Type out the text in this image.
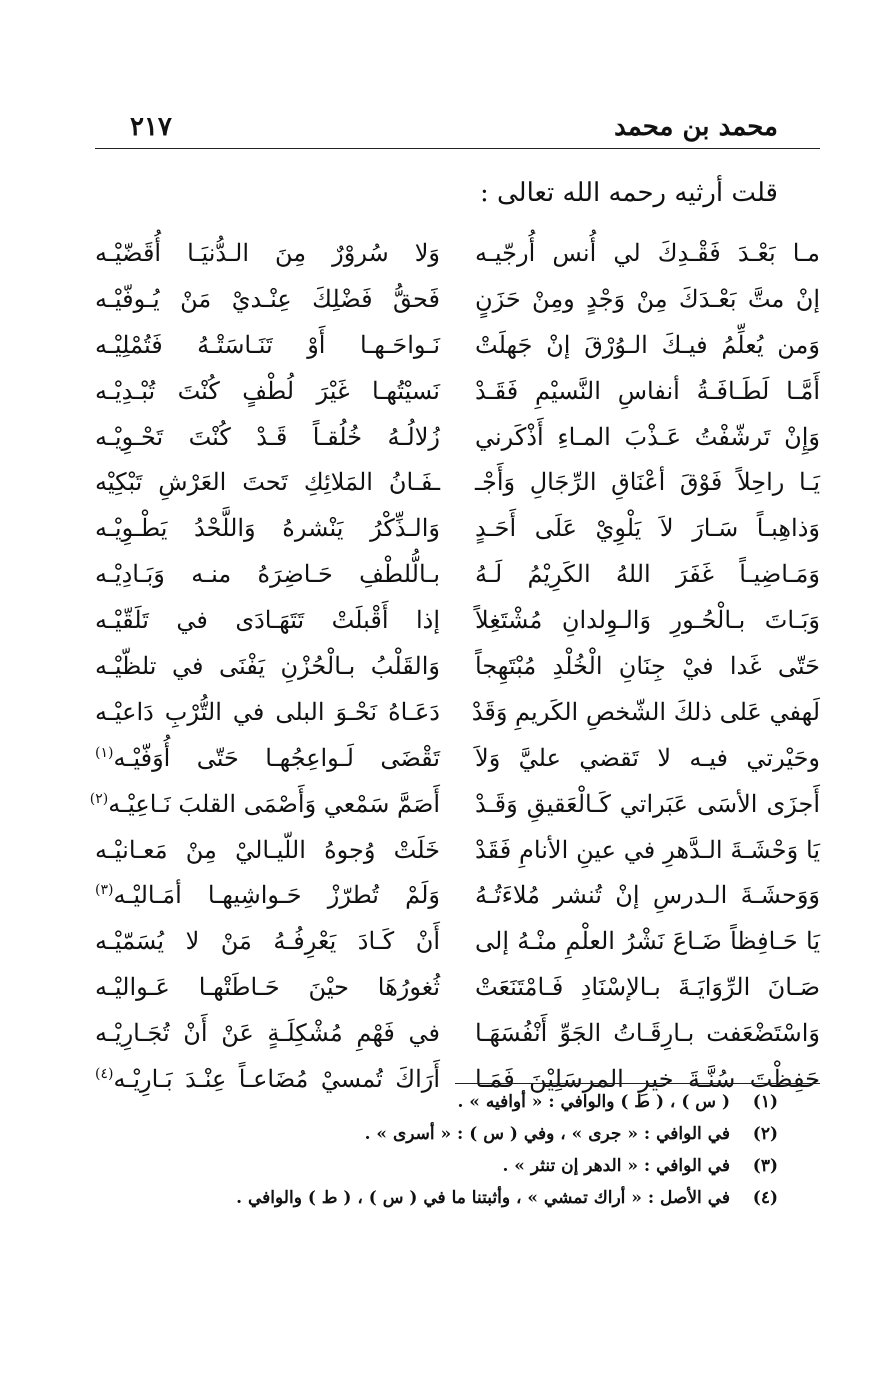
محمد بن محمد
٢١٧
قلت أرثيه رحمه الله تعالى :
مـا بَعْـدَ فَقْـدِكَ لي أُنس أُرجّيـه
وَلا سُروْرٌ مِنَ الـدُّنيَـا أُقَضّيْـه
إنْ متَّ بَعْـدَكَ مِنْ وَجْدٍ ومِنْ حَزَنٍ
فَحقُّ فَضْلِكَ عِنْـديْ مَنْ يُـوفّيْـه
وَمن يُعلِّمُ فيـكَ الـوُرْقَ إنْ جَهلَتْ
نَـواحَـهـا أَوْ تَنَـاسَتْـهُ فَتُمْلِيْـه
أَمَّـا لَطَـافَـةُ أنفاسِ النَّسيْمِ فَقَـدْ
نَسيْتُهـا غَيْرَ لُطْفٍ كُنْتَ تُبْـدِيْـه
وَإِنْ تَرشّفْتُ عَـذْبَ المـاءِ أَذْكَرني
زُلالُـهُ خُلُقـاً قَـدْ كُنْتَ تَحْـوِيْـه
يَـا راحِلاً فَوْقَ أعْنَاقِ الرِّجَالِ وَأَجْـ
ـفَـانُ المَلائِكِ تَحتَ العَرْشِ تَبْكِيْه
وَذاهِبـاً سَـارَ لاَ يَلْوِيْ عَلَى أَحَـدٍ
وَالـذِّكْرُ يَنْشرهُ وَاللَّحْدُ يَطْـوِيْـه
وَمَـاضِيـاً غَفَرَ اللهُ الكَرِيْمُ لَـهُ
بـالُّلطْفِ حَـاضِرَهُ منـه وَبَـادِيْـه
وَبَـاتَ بـالْحُـورِ وَالـوِلدانِ مُشْتَغِلاً
إذا أَقْبلَتْ تَتَهَـادَى في تَلَقّيْـه
حَتّى غَدا فيْ جِنَانِ الْخُلْدِ مُبْتَهِجاً
وَالقَلْبُ بـالْحُزْنِ يَفْنَى في تلظّيْـه
لَهفي عَلى ذلكَ الشّخصِ الكَريمِ وَقَدْ
دَعَـاهُ نَحْـوَ البلى في التُّرْبِ دَاعيْـه
وحَيْرتي فيـه لا تَقضي عليَّ وَلاَ
تَقْضَى لَـواعِجُهـا حَتّى أُوَفّيْـه$^{(١)}$
أَجزَى الأسَى عَبَراتي كَـالْعَقيقِ وَقَـدْ
أَصَمَّ سَمْعي وَأَصْمَى القلبَ نَـاعِيْـه$^{(٢)}$
يَا وَحْشَـةَ الـدَّهرِ في عينِ الأنامِ فَقَدْ
خَلَتْ وُجوهُ اللّيـاليْ مِنْ مَعـانيْـه
وَوَحشَـةَ الـدرسِ إنْ تُنشر مُلاءَتُـهُ
وَلَمْ تُطرّزْ حَـواشِيهـا أمَـاليْـه$^{(٣)}$
يَا حَـافِظاً ضَـاعَ نَشْرُ العلْمِ منْـهُ إلى
أَنْ كَـادَ يَعْرِفُـهُ مَنْ لا يُسَمّيْـه
صَـانَ الرِّوَايَـةَ بـالإسْنَادِ فَـامْتَنَعَتْ
ثُغورُهَا حيْنَ حَـاطَتْهـا عَـواليْـه
وَاسْتَضْعَفت بـارِقَـاتُ الجَوِّ أَنْفُسَهَـا
في فَهْمِ مُشْكِلَـةٍ عَنْ أَنْ تُجَـارِيْـه
حَفِظْتَ سُنَّـةَ خيرِ المرسَلِيْنَ فَمَـا
أَرَاكَ تُمسيْ مُضَاعـاً عِنْـدَ بَـارِيْـه$^{(٤)}$
(١)
( س ) ، ( ط ) والوافي : « أوافيه » .
(٢)
في الوافي : « جرى » ، وفي ( س ) : « أسرى » .
(٣)
في الوافي : « الدهر إن تنثر » .
(٤)
في الأصل : « أراك تمشي » ، وأثبتنا ما في ( س ) ، ( ط ) والوافي .
